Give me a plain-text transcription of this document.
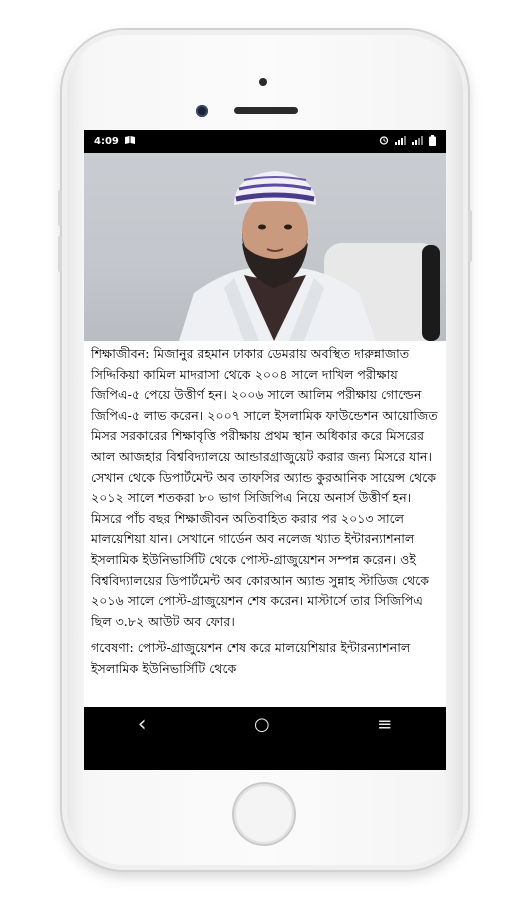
4:09

শিক্ষাজীবন: মিজানুর রহমান ঢাকার ডেমরায় অবস্থিত দারুন্নাজাত সিদ্দিকিয়া কামিল মাদরাসা থেকে ২০০৪ সালে দাখিল পরীক্ষায় জিপিএ-৫ পেয়ে উত্তীর্ণ হন। ২০০৬ সালে আলিম পরীক্ষায় গোল্ডেন জিপিএ-৫ লাভ করেন। ২০০৭ সালে ইসলামিক ফাউন্ডেশন আয়োজিত মিসর সরকারের শিক্ষাবৃত্তি পরীক্ষায় প্রথম স্থান অধিকার করে মিসরের আল আজহার বিশ্ববিদ্যালয়ে আন্ডারগ্রাজুয়েট করার জন্য মিসরে যান। সেখান থেকে ডিপার্টমেন্ট অব তাফসির অ্যান্ড কুরআনিক সায়েন্স থেকে ২০১২ সালে শতকরা ৮০ ভাগ সিজিপিএ নিয়ে অনার্স উত্তীর্ণ হন। মিসরে পাঁচ বছর শিক্ষাজীবন অতিবাহিত করার পর ২০১৩ সালে মালয়েশিয়া যান। সেখানে গার্ডেন অব নলেজ খ্যাত ইন্টারন্যাশনাল ইসলামিক ইউনিভার্সিটি থেকে পোস্ট-গ্রাজুয়েশন সম্পন্ন করেন। ওই বিশ্ববিদ্যালয়ের ডিপার্টমেন্ট অব কোরআন অ্যান্ড সুন্নাহ স্টাডিজ থেকে ২০১৬ সালে পোস্ট-গ্রাজুয়েশন শেষ করেন। মাস্টার্সে তার সিজিপিএ ছিল ৩.৮২ আউট অব ফোর।

গবেষণা: পোস্ট-গ্রাজুয়েশন শেষ করে মালয়েশিয়ার ইন্টারন্যাশনাল ইসলামিক ইউনিভার্সিটি থেকে

‹	○	≡
